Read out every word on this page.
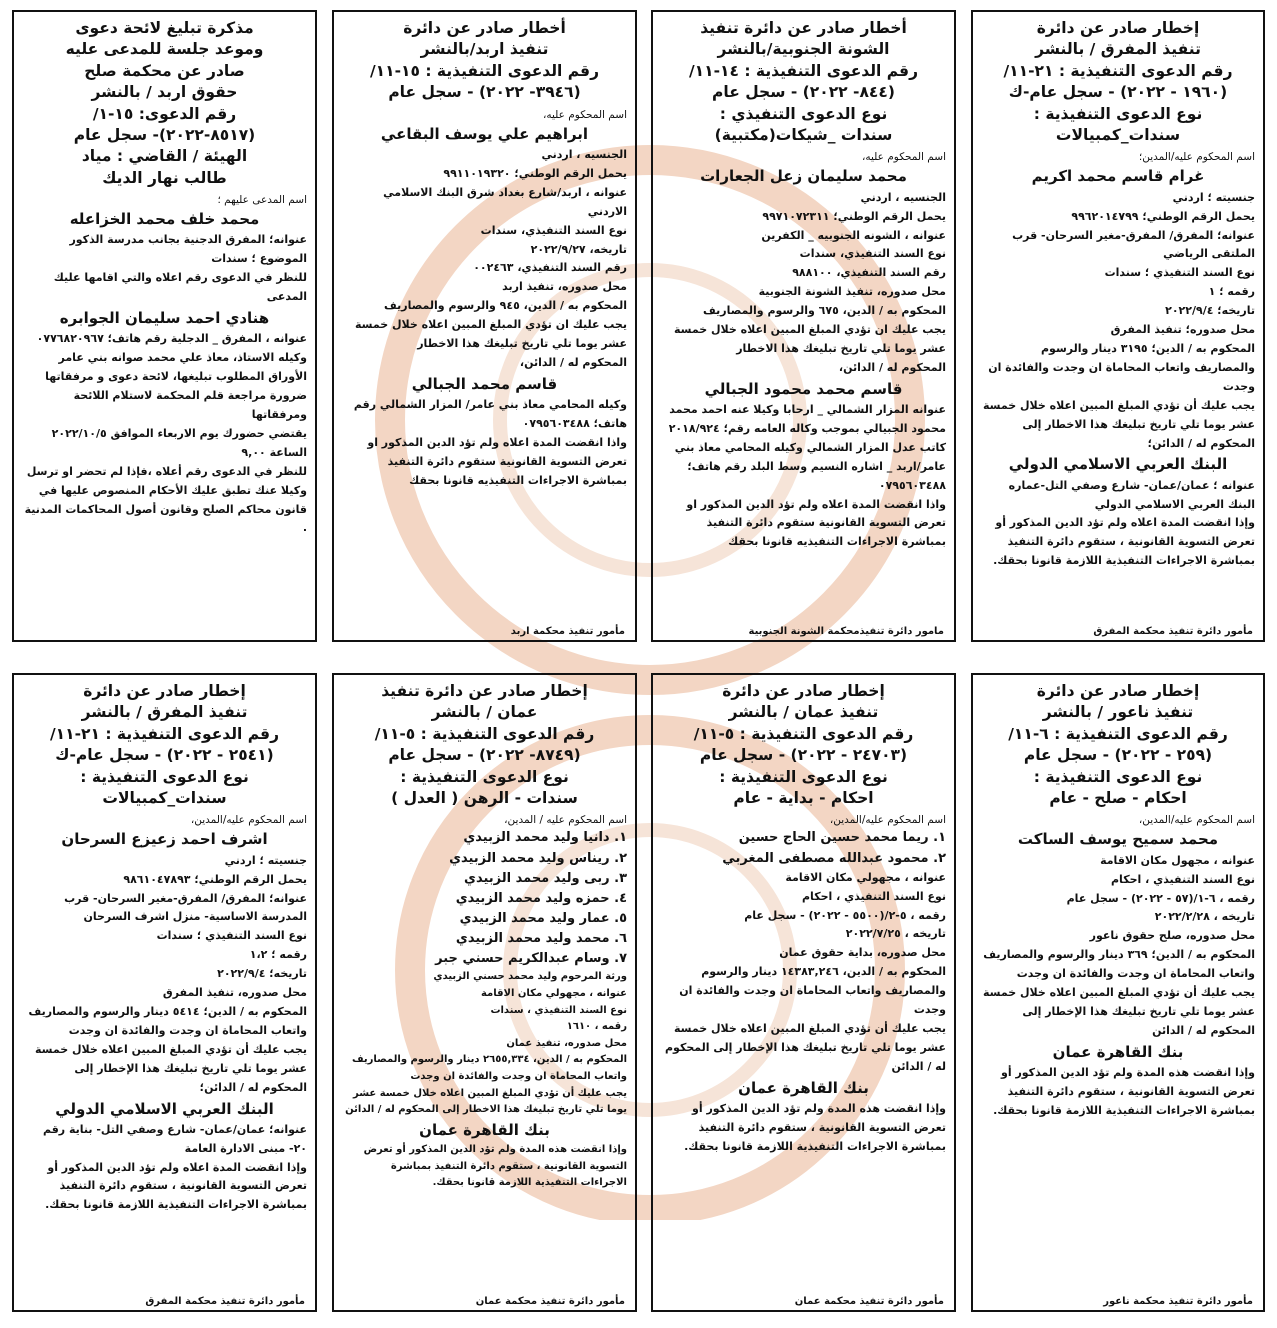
إخطار صادر عن دائرة
تنفيذ المفرق / بالنشر
رقم الدعوى التنفيذية : ٢١-١١/
(١٩٦٠ - ٢٠٢٢) - سجل عام-ك
نوع الدعوى التنفيذية :
سندات_كمبيالات
اسم المحكوم عليه/المدين؛
غرام قاسم محمد اكريم

جنسيته ؛ اردني

يحمل الرقم الوطني؛ ٩٩٦٢٠١٤٧٩٩

عنوانه؛ المفرق/ المفرق-مغير السرحان- قرب الملتقى الرياضي

نوع السند التنفيذي ؛ سندات

رقمه ؛ ١

تاريخه؛ ٢٠٢٢/٩/٤

محل صدوره؛ تنفيذ المفرق

المحكوم به / الدين؛ ٣١٩٥ دينار والرسوم والمصاريف واتعاب المحاماة ان وجدت والفائدة ان وجدت

يجب عليك أن تؤدي المبلغ المبين اعلاه خلال خمسة عشر يوما تلي تاريخ تبليغك هذا الاخطار إلى المحكوم له / الدائن؛

البنك العربي الاسلامي الدولي

عنوانه ؛ عمان/عمان- شارع وصفي التل-عماره البنك العربي الاسلامي الدولي

وإذا انقضت المدة اعلاه ولم تؤد الدين المذكور أو تعرض التسوية القانونية ، ستقوم دائرة التنفيذ بمباشرة الاجراءات التنفيذية اللازمة قانونا بحقك.

مأمور دائرة تنفيذ محكمة المفرق
أخطار صادر عن دائرة تنفيذ
الشونة الجنوبية/بالنشر
رقم الدعوى التنفيذية : ١٤-١١/
(٨٤٤- ٢٠٢٢) - سجل عام
نوع الدعوى التنفيذي :
سندات _شيكات(مكتبية)
اسم المحكوم عليه،
محمد سليمان زعل الجعارات

الجنسيه ، اردني

يحمل الرقم الوطني؛ ٩٩٧١٠٧٢٣١١

عنوانه ، الشونه الجنوبيه _ الكفرين

نوع السند التنفيذي، سندات

رقم السند التنفيذي، ٩٨٨١٠٠

محل صدوره، تنفيذ الشونة الجنوبية

المحكوم به / الدين، ٦٧٥ والرسوم والمصاريف

يجب عليك ان تؤدي المبلغ المبين اعلاه خلال خمسة عشر يوما تلي تاريخ تبليغك هذا الاخطار

المحكوم له / الدائن،

قاسم محمد محمود الجبالي

عنوانه المزار الشمالي _ ارحابا وكيلا عنه احمد محمد محمود الجبيالي بموجب وكاله العامه رقم؛ ٢٠١٨/٩٢٤ كاتب عدل المزار الشمالي وكيله المحامي معاذ بني عامر/اربد _ اشاره النسيم وسط البلد رقم هاتف؛ ٠٧٩٥٦٠٣٤٨٨

واذا انقضت المدة اعلاه ولم تؤد الدين المذكور او تعرض التسوية القانونية ستقوم دائرة التنفيذ بمباشرة الاجراءات التنفيذيه قانونا بحقك

مامور دائرة تنفيذمحكمة الشونة الجنوبية
أخطار صادر عن دائرة
تنفيذ اربد/بالنشر
رقم الدعوى التنفيذية : ١٥-١١/
(٣٩٤٦- ٢٠٢٢) - سجل عام
اسم المحكوم عليه،
ابراهيم علي يوسف البقاعي

الجنسيه ، اردني

يحمل الرقم الوطني؛ ٩٩١١٠١٩٣٢٠

عنوانه ، اربد/شارع بغداد شرق البنك الاسلامي الاردني

نوع السند التنفيذي، سندات

تاريخه، ٢٠٢٢/٩/٢٧

رقم السند التنفيذي، ٠٠٢٤٦٣

محل صدوره، تنفيذ اربد

المحكوم به / الدين، ٩٤٥ والرسوم والمصاريف

يجب عليك ان تؤدي المبلغ المبين اعلاه خلال خمسة عشر يوما تلي تاريخ تبليغك هذا الاخطار

المحكوم له / الدائن،

قاسم محمد الجبالي

وكيله المحامي معاذ بني عامر/ المزار الشمالي رقم هاتف؛ ٠٧٩٥٦٠٣٤٨٨

واذا انقضت المدة اعلاه ولم تؤد الدين المذكور او تعرض التسوية القانونية ستقوم دائرة التنفيذ بمباشرة الاجراءات التنفيذيه قانونا بحقك

مأمور تنفيذ محكمة اربد
مذكرة تبليغ لائحة دعوى
وموعد جلسة للمدعى عليه
صادر عن محكمة صلح
حقوق اربد / بالنشر
رقم الدعوى: ١٥-١/
(٨٥١٧-٢٠٢٢)- سجل عام
الهيئة / القاضي : مياد
طالب نهار الديك
اسم المدعى عليهم ؛
محمد خلف محمد الخزاعله

عنوانه؛ المفرق الدجنية بجانب مدرسة الذكور

الموضوع ؛ سندات

للنظر في الدعوى رقم اعلاه والتي اقامها عليك المدعى

هنادي احمد سليمان الجوابره

عنوانه ، المفرق _ الدجلية رقم هاتف؛ ٠٧٧٦٨٢٠٩٦٧

وكيله الاستاذ، معاذ علي محمد صوانه بني عامر

الأوراق المطلوب تبليغها، لائحة دعوى و مرفقاتها ضرورة مراجعة قلم المحكمة لاستلام اللائحة ومرفقاتها

يقتضي حضورك يوم الاربعاء الموافق ٢٠٢٢/١٠/٥ الساعة ٩,٠٠

للنظر في الدعوى رقم أعلاه ،فإذا لم تحضر او ترسل وكيلا عنك تطبق عليك الأحكام المنصوص عليها في قانون محاكم الصلح وقانون أصول المحاكمات المدنية .

إخطار صادر عن دائرة
تنفيذ ناعور / بالنشر
رقم الدعوى التنفيذية : ٦-١١/
(٢٥٩ - ٢٠٢٢) - سجل عام
نوع الدعوى التنفيذية :
احكام - صلح - عام
اسم المحكوم عليه/المدين،
محمد سميح يوسف الساكت

عنوانه ، مجهول مكان الاقامة

نوع السند التنفيذي ، احكام

رقمه ، ٦-١/(٥٧ - ٢٠٢٢) - سجل عام

تاريخه ، ٢٠٢٢/٢/٢٨

محل صدوره، صلح حقوق ناعور

المحكوم به / الدين؛ ٣٦٩ دينار والرسوم والمصاريف واتعاب المحاماة ان وجدت والفائدة ان وجدت

يجب عليك أن تؤدي المبلغ المبين اعلاه خلال خمسة عشر يوما تلي تاريخ تبليغك هذا الإخطار إلى المحكوم له / الدائن

بنك القاهرة عمان

وإذا انقضت هذه المدة ولم تؤد الدين المذكور أو تعرض التسوية القانونية ، ستقوم دائرة التنفيذ بمباشرة الاجراءات التنفيذية اللازمة قانونا بحقك.

مأمور دائرة تنفيذ محكمة ناعور
إخطار صادر عن دائرة
تنفيذ عمان / بالنشر
رقم الدعوى التنفيذية : ٥-١١/
(٢٤٧٠٣ - ٢٠٢٢) - سجل عام
نوع الدعوى التنفيذية :
احكام - بداية - عام
اسم المحكوم عليه/المدين،
١. ريما محمد حسين الحاج حسين
٢. محمود عبدالله مصطفى المغربي

عنوانه ، مجهولي مكان الاقامة

نوع السند التنفيذي ، احكام

رقمه ، ٥-٢/(٥٥٠٠ - ٢٠٢٢) - سجل عام

تاريخه ، ٢٠٢٢/٧/٢٥

محل صدوره، بداية حقوق عمان

المحكوم به / الدين، ١٤٣٨٣,٢٤٦ دينار والرسوم والمصاريف واتعاب المحاماة ان وجدت والفائدة ان وجدت

يجب عليك أن تؤدي المبلغ المبين اعلاه خلال خمسة عشر يوما تلي تاريخ تبليغك هذا الإخطار إلى المحكوم له / الدائن

بنك القاهرة عمان

وإذا انقضت هذه المدة ولم تؤد الدين المذكور أو تعرض التسوية القانونية ، ستقوم دائرة التنفيذ بمباشرة الاجراءات التنفيذية اللازمة قانونا بحقك.

مأمور دائرة تنفيذ محكمة عمان
إخطار صادر عن دائرة تنفيذ
عمان / بالنشر
رقم الدعوى التنفيذية : ٥-١١/
(٨٧٤٩- ٢٠٢٢) - سجل عام
نوع الدعوى التنفيذية :
سندات - الرهن ( العدل )
اسم المحكوم عليه / المدين،
١. دانيا وليد محمد الزبيدي
٢. ريناس وليد محمد الزبيدي
٣. ربى وليد محمد الزبيدي
٤. حمزه وليد محمد الزبيدي
٥. عمار وليد محمد الزبيدي
٦. محمد وليد محمد الزبيدي
٧. وسام عبدالكريم حسني جبر

ورثة المرحوم وليد محمد حسني الزبيدي

عنوانه ، مجهولي مكان الاقامة

نوع السند التنفيذي ، سندات

رقمه ، ١٦١٠

محل صدوره، تنفيذ عمان

المحكوم به / الدين، ٢٦٥٥,٣٣٤ دينار والرسوم والمصاريف واتعاب المحاماة ان وجدت والفائدة ان وجدت

يجب عليك أن تؤدي المبلغ المبين اعلاه خلال خمسة عشر يوما تلي تاريخ تبليغك هذا الاخطار إلى المحكوم له / الدائن

بنك القاهرة عمان

وإذا انقضت هذه المدة ولم تؤد الدين المذكور أو تعرض التسوية القانونية ، ستقوم دائرة التنفيذ بمباشرة الاجراءات التنفيذية اللازمة قانونا بحقك.

مأمور دائرة تنفيذ محكمة عمان
إخطار صادر عن دائرة
تنفيذ المفرق / بالنشر
رقم الدعوى التنفيذية : ٢١-١١/
(٢٥٤١ - ٢٠٢٢) - سجل عام-ك
نوع الدعوى التنفيذية :
سندات_كمبيالات
اسم المحكوم عليه/المدين،
اشرف احمد زعيزع السرحان

جنسيته ؛ اردني

يحمل الرقم الوطني؛ ٩٨٦١٠٤٧٨٩٣

عنوانه؛ المفرق/ المفرق-مغير السرحان- قرب المدرسة الاساسية- منزل اشرف السرحان

نوع السند التنفيذي ؛ سندات

رقمه ؛ ١،٢

تاريخه؛ ٢٠٢٢/٩/٤

محل صدوره، تنفيذ المفرق

المحكوم به / الدين؛ ٥٤١٤ دينار والرسوم والمصاريف واتعاب المحاماة ان وجدت والفائدة ان وجدت

يجب عليك أن تؤدي المبلغ المبين اعلاه خلال خمسة عشر يوما تلي تاريخ تبليغك هذا الإخطار إلى

المحكوم له / الدائن؛

البنك العربي الاسلامي الدولي

عنوانه؛ عمان/عمان- شارع وصفي التل- بناية رقم ٢٠- مبنى الادارة العامة

وإذا انقضت المدة اعلاه ولم تؤد الدين المذكور أو تعرض التسوية القانونية ، ستقوم دائرة التنفيذ بمباشرة الاجراءات التنفيذية اللازمة قانونا بحقك.

مأمور دائرة تنفيذ محكمة المفرق
